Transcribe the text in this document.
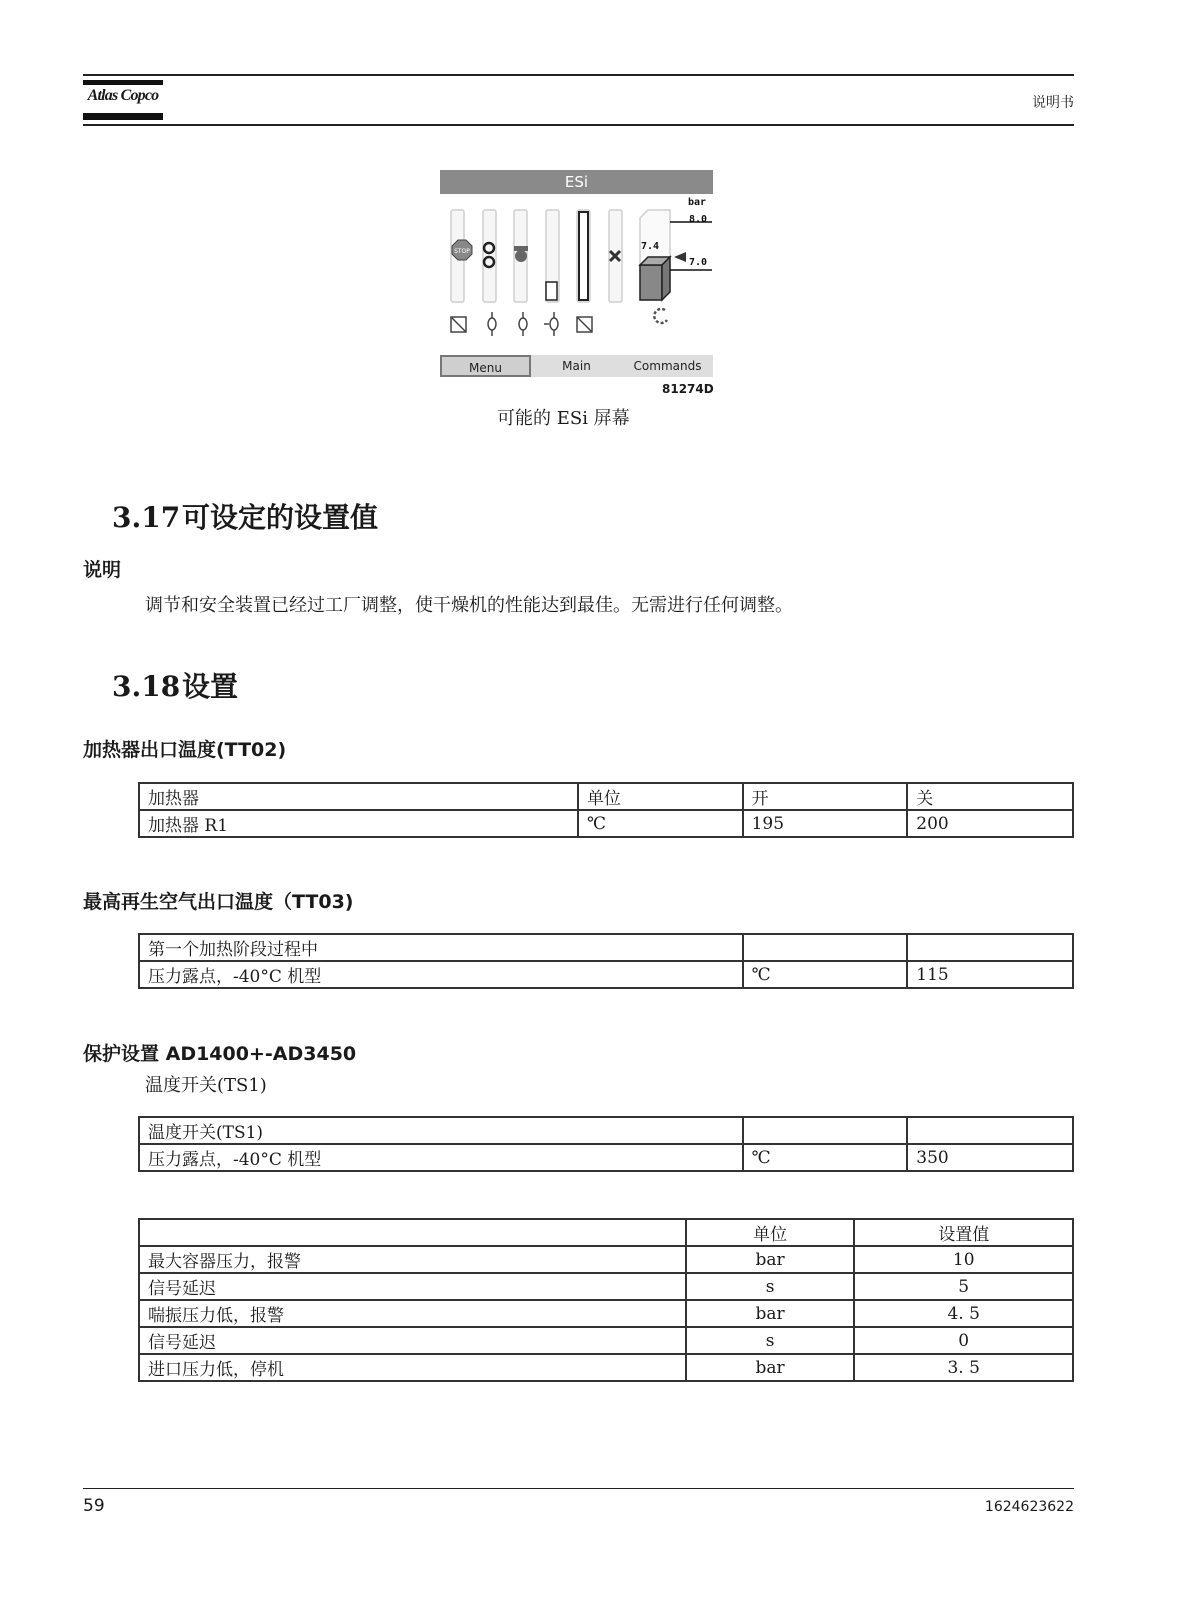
Atlas Copco	说明书
ESi
STOP
bar
8.0
7.4
7.0
Menu	Main	Commands
81274D
可能的 ESi 屏幕
3.17可设定的设置值
说明
调节和安全装置已经过工厂调整，使干燥机的性能达到最佳。无需进行任何调整。
3.18设置
加热器出口温度(TT02)
加热器	单位	开	关
加热器 R1	℃	195	200
最高再生空气出口温度（TT03)
第一个加热阶段过程中		
压力露点，-40°C 机型	℃	115
保护设置 AD1400+-AD3450
温度开关(TS1)
温度开关(TS1)		
压力露点，-40°C 机型	℃	350
	单位	设置值
最大容器压力，报警	bar	10
信号延迟	s	5
喘振压力低，报警	bar	4. 5
信号延迟	s	0
进口压力低，停机	bar	3. 5
59	1624623622
